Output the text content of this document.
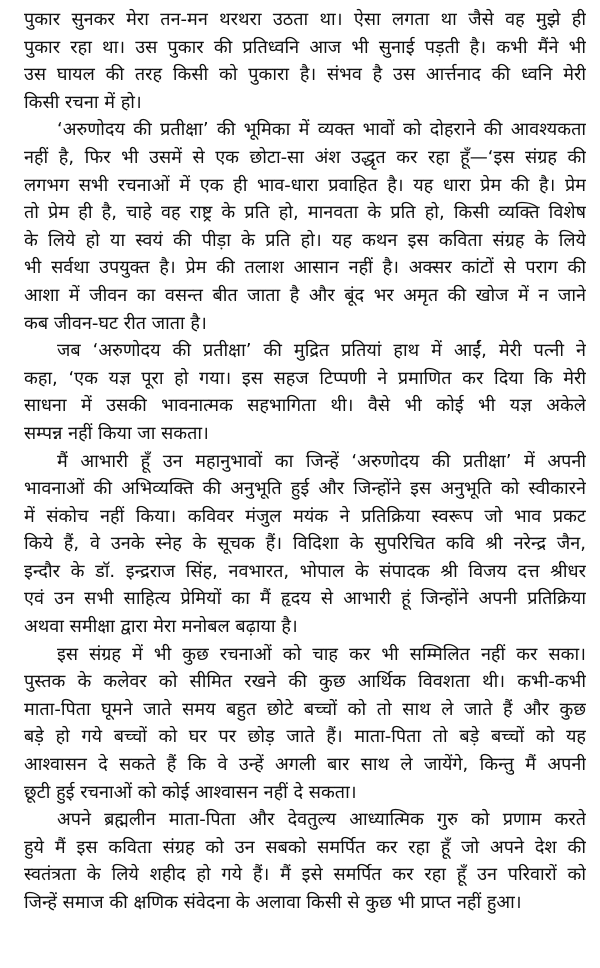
पुकार सुनकर मेरा तन-मन थरथरा उठता था। ऐसा लगता था जैसे वह मुझे ही
पुकार रहा था। उस पुकार की प्रतिध्वनि आज भी सुनाई पड़ती है। कभी मैंने भी
उस घायल की तरह किसी को पुकारा है। संभव है उस आर्त्तनाद की ध्वनि मेरी
किसी रचना में हो।
‘अरुणोदय की प्रतीक्षा’ की भूमिका में व्यक्त भावों को दोहराने की आवश्यकता
नहीं है, फिर भी उसमें से एक छोटा-सा अंश उद्धृत कर रहा हूँ—‘इस संग्रह की
लगभग सभी रचनाओं में एक ही भाव-धारा प्रवाहित है। यह धारा प्रेम की है। प्रेम
तो प्रेम ही है, चाहे वह राष्ट्र के प्रति हो, मानवता के प्रति हो, किसी व्यक्ति विशेष
के लिये हो या स्वयं की पीड़ा के प्रति हो। यह कथन इस कविता संग्रह के लिये
भी सर्वथा उपयुक्त है। प्रेम की तलाश आसान नहीं है। अक्सर कांटों से पराग की
आशा में जीवन का वसन्त बीत जाता है और बूंद भर अमृत की खोज में न जाने
कब जीवन-घट रीत जाता है।
जब ‘अरुणोदय की प्रतीक्षा’ की मुद्रित प्रतियां हाथ में आईं, मेरी पत्नी ने
कहा, ‘एक यज्ञ पूरा हो गया। इस सहज टिप्पणी ने प्रमाणित कर दिया कि मेरी
साधना में उसकी भावनात्मक सहभागिता थी। वैसे भी कोई भी यज्ञ अकेले
सम्पन्न नहीं किया जा सकता।
मैं आभारी हूँ उन महानुभावों का जिन्हें ‘अरुणोदय की प्रतीक्षा’ में अपनी
भावनाओं की अभिव्यक्ति की अनुभूति हुई और जिन्होंने इस अनुभूति को स्वीकारने
में संकोच नहीं किया। कविवर मंजुल मयंक ने प्रतिक्रिया स्वरूप जो भाव प्रकट
किये हैं, वे उनके स्नेह के सूचक हैं। विदिशा के सुपरिचित कवि श्री नरेन्द्र जैन,
इन्दौर के डॉ. इन्द्रराज सिंह, नवभारत, भोपाल के संपादक श्री विजय दत्त श्रीधर
एवं उन सभी साहित्य प्रेमियों का मैं हृदय से आभारी हूं जिन्होंने अपनी प्रतिक्रिया
अथवा समीक्षा द्वारा मेरा मनोबल बढ़ाया है।
इस संग्रह में भी कुछ रचनाओं को चाह कर भी सम्मिलित नहीं कर सका।
पुस्तक के कलेवर को सीमित रखने की कुछ आर्थिक विवशता थी। कभी-कभी
माता-पिता घूमने जाते समय बहुत छोटे बच्चों को तो साथ ले जाते हैं और कुछ
बड़े हो गये बच्चों को घर पर छोड़ जाते हैं। माता-पिता तो बड़े बच्चों को यह
आश्वासन दे सकते हैं कि वे उन्हें अगली बार साथ ले जायेंगे, किन्तु मैं अपनी
छूटी हुई रचनाओं को कोई आश्वासन नहीं दे सकता।
अपने ब्रह्मलीन माता-पिता और देवतुल्य आध्यात्मिक गुरु को प्रणाम करते
हुये मैं इस कविता संग्रह को उन सबको समर्पित कर रहा हूँ जो अपने देश की
स्वतंत्रता के लिये शहीद हो गये हैं। मैं इसे समर्पित कर रहा हूँ उन परिवारों को
जिन्हें समाज की क्षणिक संवेदना के अलावा किसी से कुछ भी प्राप्त नहीं हुआ।
